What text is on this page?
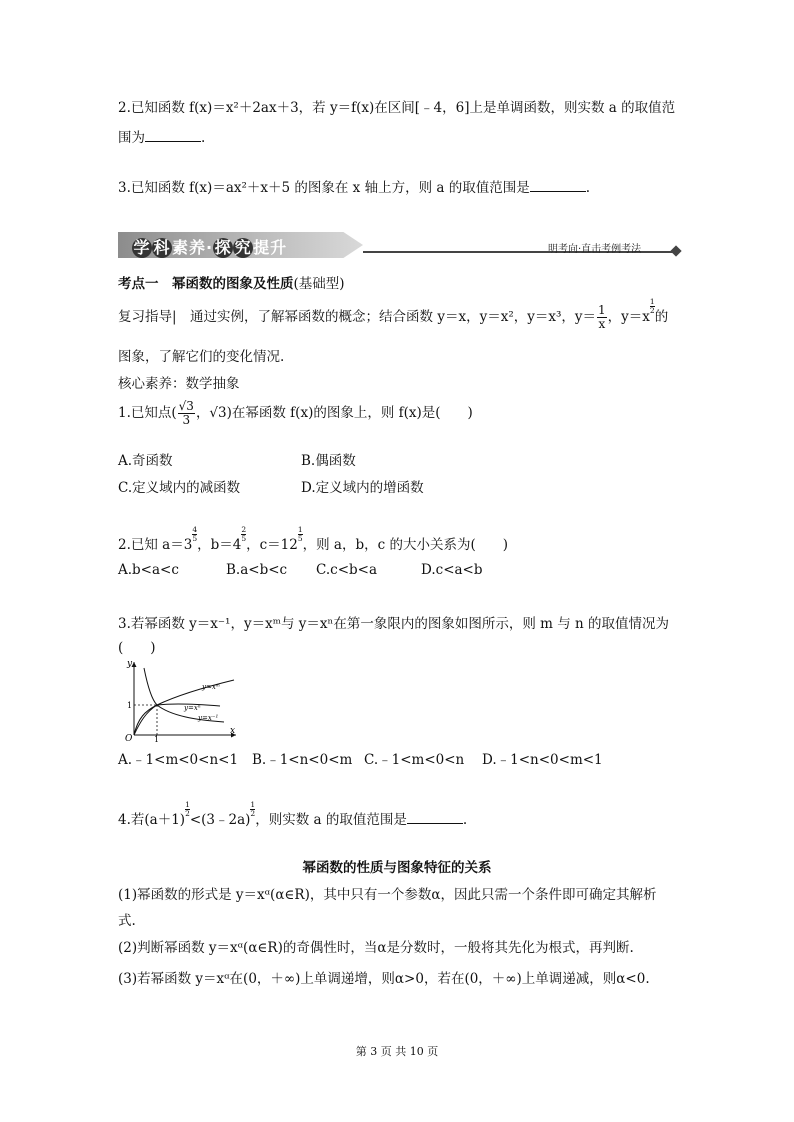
2.已知函数 f(x)＝x²＋2ax＋3，若 y＝f(x)在区间[﹣4，6]上是单调函数，则实数 a 的取值范
围为	.
3.已知函数 f(x)＝ax²＋x＋5 的图象在 x 轴上方，则 a 的取值范围是	.
学 科素养·探 究提升	明考向·直击考例考法
考点一　幂函数的图象及性质(基础型)
复习指导|　通过实例，了解幂函数的概念；结合函数 y＝x，y＝x²，y＝x³，$y= \frac{1}{x}$ ，y＝x
$\frac{1}{2}$
的
图象，了解它们的变化情况.
核心素养：数学抽象
1.已知点( $\frac{√3}{3}$ ，√3)在幂函数 f(x)的图象上，则 f(x)是(　　)
A.奇函数	B.偶函数
C.定义域内的减函数	D.定义域内的增函数
2.已知 a＝3
$\frac{4}{5}$
，b＝4
$\frac{2}{5}$
，c＝12
$\frac{1}{5}$
，则 a，b，c 的大小关系为(　　)
A.b<a<c	B.a<b<c C.c<b<a	D.c<a<b
3.若幂函数 y＝x⁻¹，y＝xᵐ与 y＝xⁿ在第一象限内的图象如图所示，则 m 与 n 的取值情况为
(　　)
y
x
O	1
1
y=xᵐ
y=xⁿ
y=x⁻¹
A.﹣1<m<0<n<1 B.﹣1<n<0<m C.﹣1<m<0<n D.﹣1<n<0<m<1
4.若(a＋1)
$\frac{1}{2}$
<(3﹣2a)
$\frac{1}{2}$
，则实数 a 的取值范围是	.
幂函数的性质与图象特征的关系
(1)幂函数的形式是 y＝xᵅ(α∈R)，其中只有一个参数α，因此只需一个条件即可确定其解析
式.
(2)判断幂函数 y＝xᵅ(α∈R)的奇偶性时，当α是分数时，一般将其先化为根式，再判断.
(3)若幂函数 y＝xᵅ在(0，＋∞)上单调递增，则α>0，若在(0，＋∞)上单调递减，则α<0.
第 3 页 共 10 页
